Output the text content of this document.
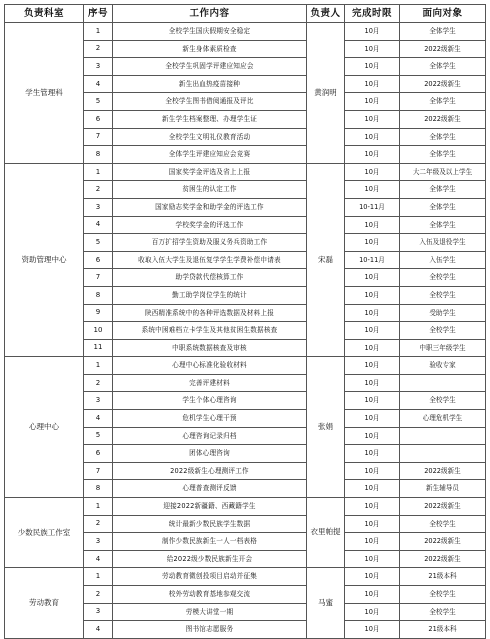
负责科室	序号	工作内容	负责人	完成时限	面向对象
学生管理科	1	全校学生国庆假期安全稳定	黄润明	10月	全体学生
	2	新生身体素质检查		10月	2022级新生
	3	全校学生巩固学评建应知应会		10月	全体学生
	4	新生出血热疫苗接种		10月	2022级新生
	5	全校学生图书借阅通报及评比		10月	全体学生
	6	新生学生档案整理、办理学生证		10月	2022级新生
	7	全校学生文明礼仪教育活动		10月	全体学生
	8	全体学生评建应知应会竞赛		10月	全体学生
资助管理中心	1	国家奖学金评选及省上上报	宋磊	10月	大二年级及以上学生
	2	贫困生的认定工作		10月	全体学生
	3	国家励志奖学金和助学金的评选工作		10-11月	全体学生
	4	学校奖学金的评选工作		10月	全体学生
	5	百万扩招学生资助及服义务兵资助工作		10月	入伍及退役学生
	6	收取入伍大学生及退伍复学学生学费补偿申请表		10-11月	入伍学生
	7	助学贷款代偿核算工作		10月	全校学生
	8	勤工助学岗位学生的统计		10月	全校学生
	9	陕西精准系统中的各种评选数据及材料上报		10月	受助学生
	10	系统中困难档立卡学生及其他贫困生数据核查		10月	全校学生
	11	中职系统数据核查及审核		10月	中职三年级学生
心理中心	1	心理中心标准化验收材料	张娟	10月	验收专家
	2	完善评建材料		10月	
	3	学生个体心理咨询		10月	全校学生
	4	危机学生心理干预		10月	心理危机学生
	5	心理咨询记录归档		10月	
	6	团体心理咨询		10月	
	7	2022级新生心理测评工作		10月	2022级新生
	8	心理普查测评反馈		10月	新生辅导员
少数民族工作室	1	迎接2022新疆籍、西藏籍学生	衣里帕提	10月	2022级新生
	2	统计最新少数民族学生数据		10月	全校学生
	3	制作少数民族新生一人一档表格		10月	2022级新生
	4	给2022级少数民族新生开会		10月	2022级新生
劳动教育	1	劳动教育微创投项目启动并征集	马蜜	10月	21级本科
	2	校外劳动教育基地参观交流		10月	全校学生
	3	劳模大讲堂一期		10月	全校学生
	4	图书馆志愿服务		10月	21级本科
